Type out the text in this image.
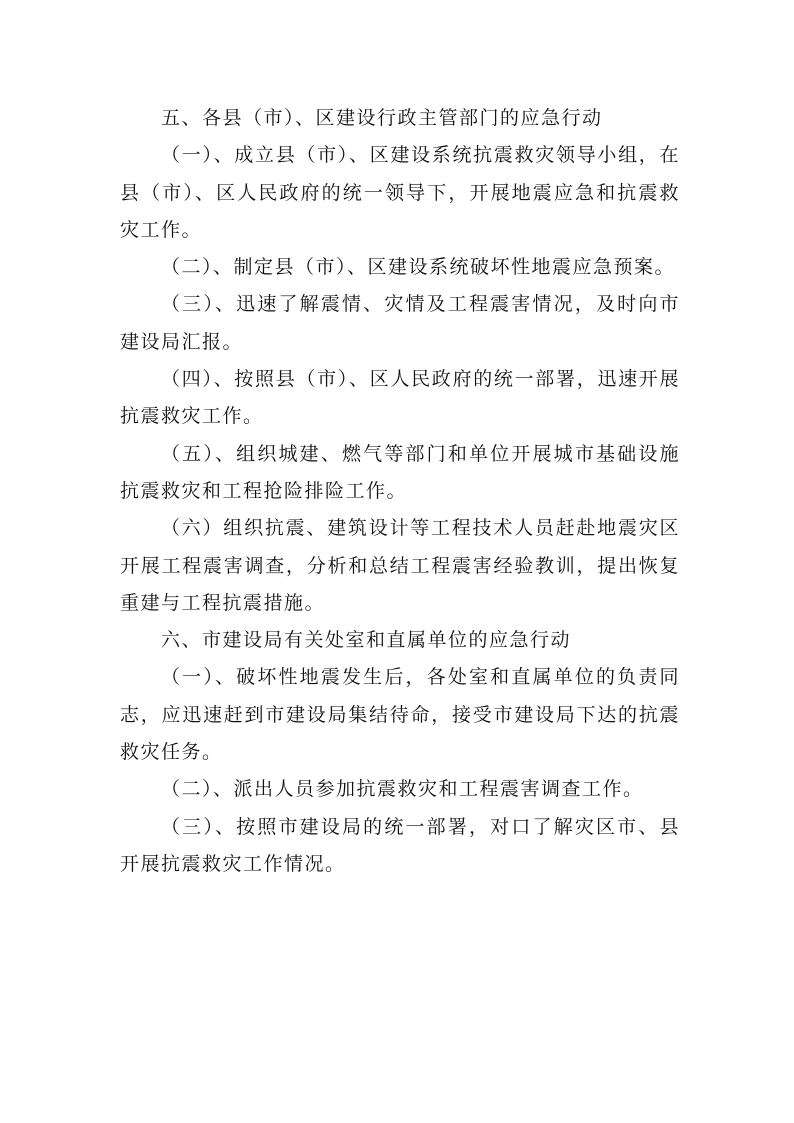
五、各县（市）、区建设行政主管部门的应急行动

（一）、成立县（市）、区建设系统抗震救灾领导小组，在县（市）、区人民政府的统一领导下，开展地震应急和抗震救灾工作。

（二）、制定县（市）、区建设系统破坏性地震应急预案。

（三）、迅速了解震情、灾情及工程震害情况，及时向市建设局汇报。

（四）、按照县（市）、区人民政府的统一部署，迅速开展抗震救灾工作。

（五）、组织城建、燃气等部门和单位开展城市基础设施抗震救灾和工程抢险排险工作。

（六）组织抗震、建筑设计等工程技术人员赶赴地震灾区开展工程震害调查，分析和总结工程震害经验教训，提出恢复重建与工程抗震措施。

六、市建设局有关处室和直属单位的应急行动

（一）、破坏性地震发生后，各处室和直属单位的负责同志，应迅速赶到市建设局集结待命，接受市建设局下达的抗震救灾任务。

（二）、派出人员参加抗震救灾和工程震害调查工作。

（三）、按照市建设局的统一部署，对口了解灾区市、县开展抗震救灾工作情况。
